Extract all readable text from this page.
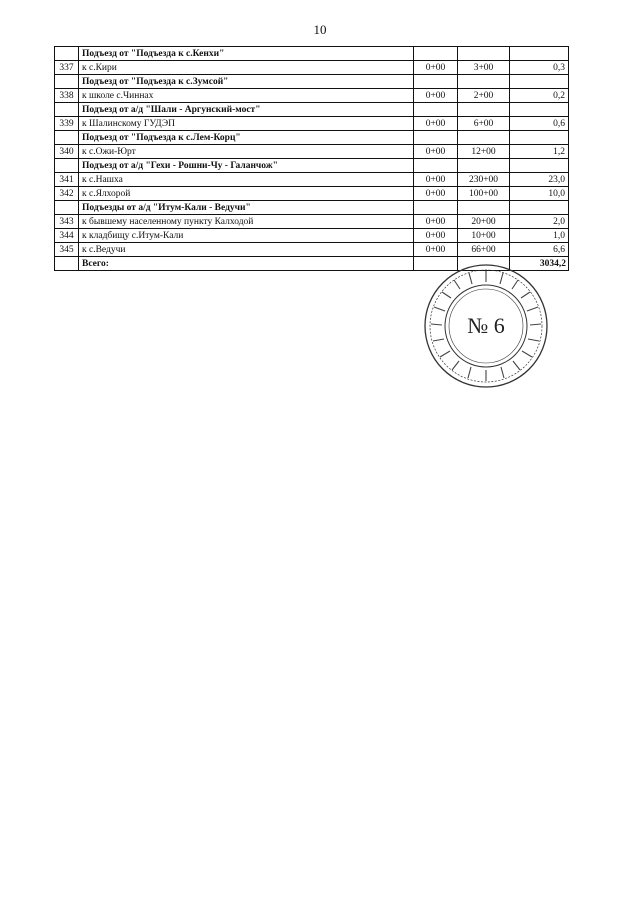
10
	Подъезд от "Подъезда к с.Кенхи"			
337	к с.Кири	0+00	3+00	0,3
	Подъезд от "Подъезда к с.Зумсой"			
338	к школе с.Чиннах	0+00	2+00	0,2
	Подъезд от а/д "Шали - Аргунский-мост"			
339	к Шалинскому ГУДЭП	0+00	6+00	0,6
	Подъезд от "Подъезда к с.Лем-Корц"			
340	к с.Ожи-Юрт	0+00	12+00	1,2
	Подъезд от а/д "Гехи - Рошни-Чу - Галанчож"			
341	к с.Нашха	0+00	230+00	23,0
342	к с.Ялхорой	0+00	100+00	10,0
	Подъезды от а/д "Итум-Кали - Ведучи"			
343	к бывшему населенному пункту Калходой	0+00	20+00	2,0
344	к кладбищу с.Итум-Кали	0+00	10+00	1,0
345	к с.Ведучи	0+00	66+00	6,6
	Всего:			3034,2
№ 6
